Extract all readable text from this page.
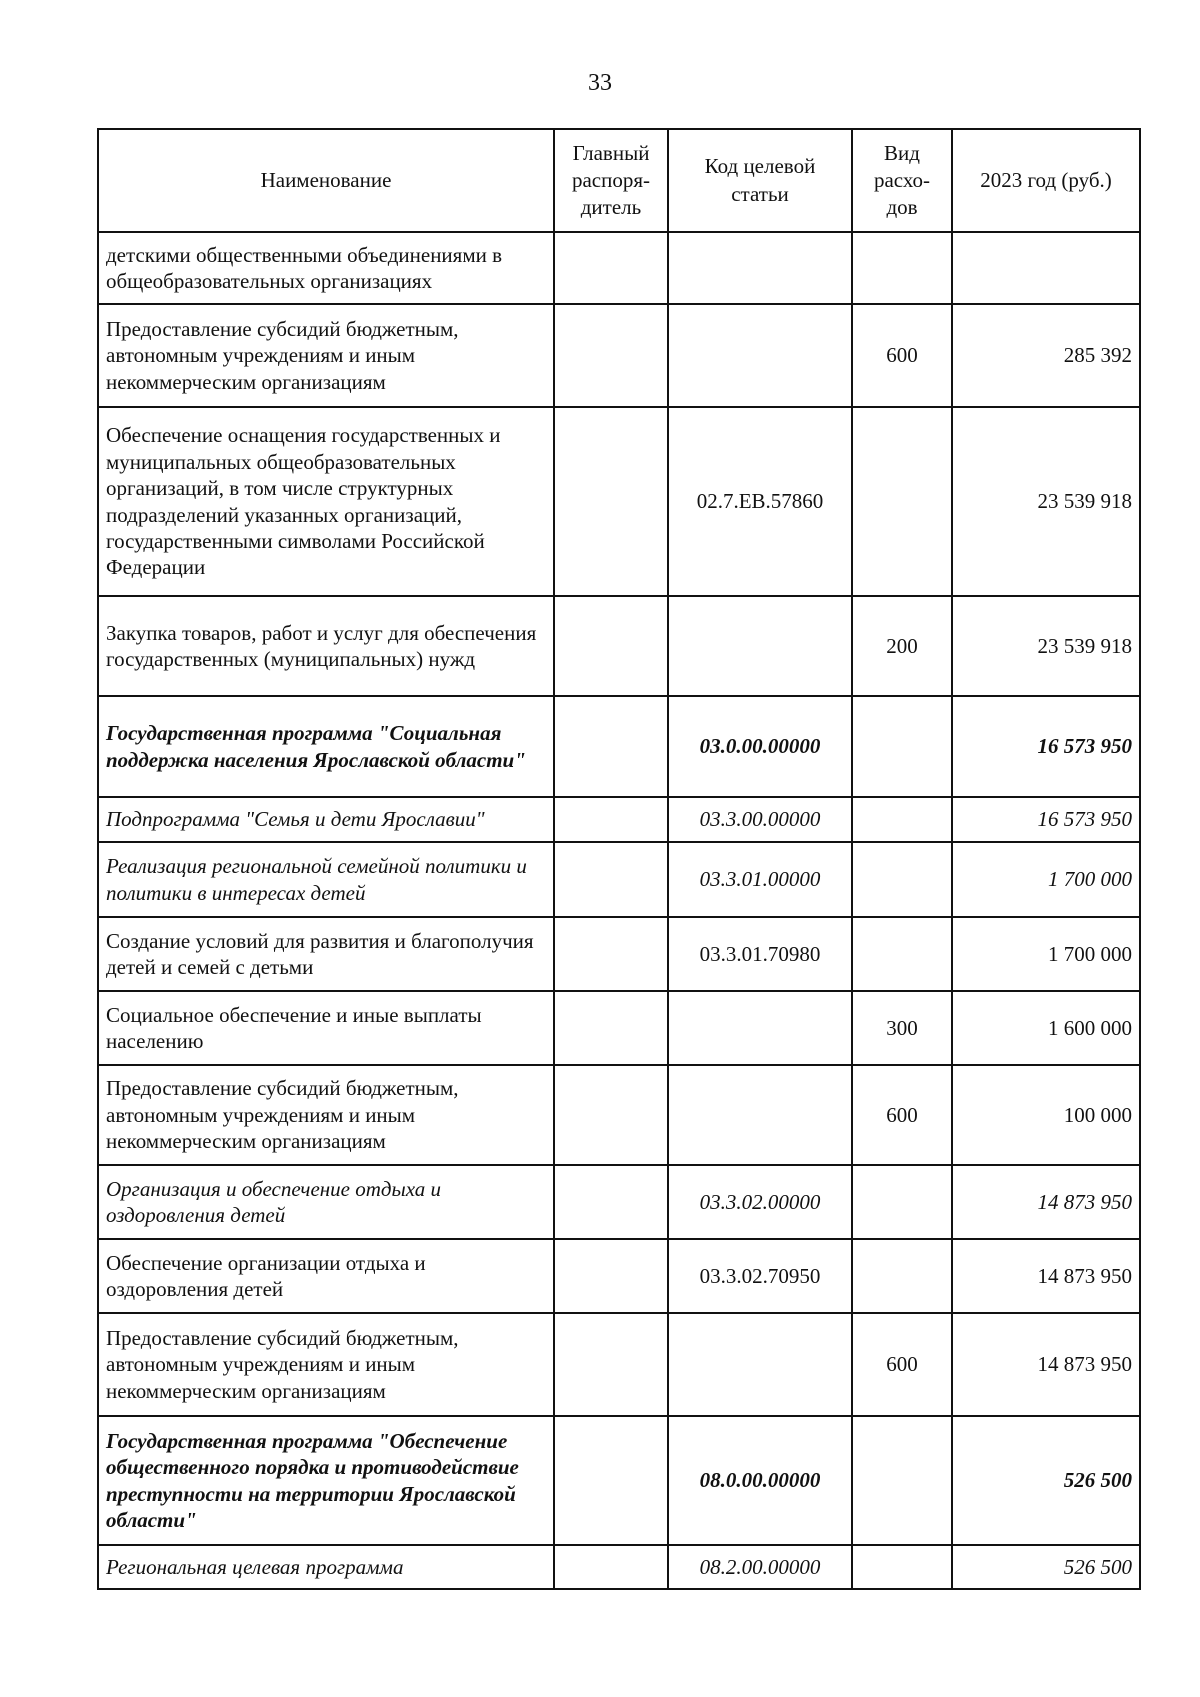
33
Наименование	Главный распоря-дитель	Код целевой статьи	Вид расхо-дов	2023 год (руб.)
детскими общественными объединениями в общеобразовательных организациях				
Предоставление субсидий бюджетным, автономным учреждениям и иным некоммерческим организациям			600	285 392
Обеспечение оснащения государственных и муниципальных общеобразовательных организаций, в том числе структурных подразделений указанных организаций, государственными символами Российской Федерации		02.7.ЕВ.57860		23 539 918
Закупка товаров, работ и услуг для обеспечения государственных (муниципальных) нужд			200	23 539 918
Государственная программа "Социальная поддержка населения Ярославской области"		03.0.00.00000		16 573 950
Подпрограмма "Семья и дети Ярославии"		03.3.00.00000		16 573 950
Реализация региональной семейной политики и политики в интересах детей		03.3.01.00000		1 700 000
Создание условий для развития и благополучия детей и семей с детьми		03.3.01.70980		1 700 000
Социальное обеспечение и иные выплаты населению			300	1 600 000
Предоставление субсидий бюджетным, автономным учреждениям и иным некоммерческим организациям			600	100 000
Организация и обеспечение отдыха и оздоровления детей		03.3.02.00000		14 873 950
Обеспечение организации отдыха и оздоровления детей		03.3.02.70950		14 873 950
Предоставление субсидий бюджетным, автономным учреждениям и иным некоммерческим организациям			600	14 873 950
Государственная программа "Обеспечение общественного порядка и противодействие преступности на территории Ярославской области"		08.0.00.00000		526 500
Региональная целевая программа		08.2.00.00000		526 500
